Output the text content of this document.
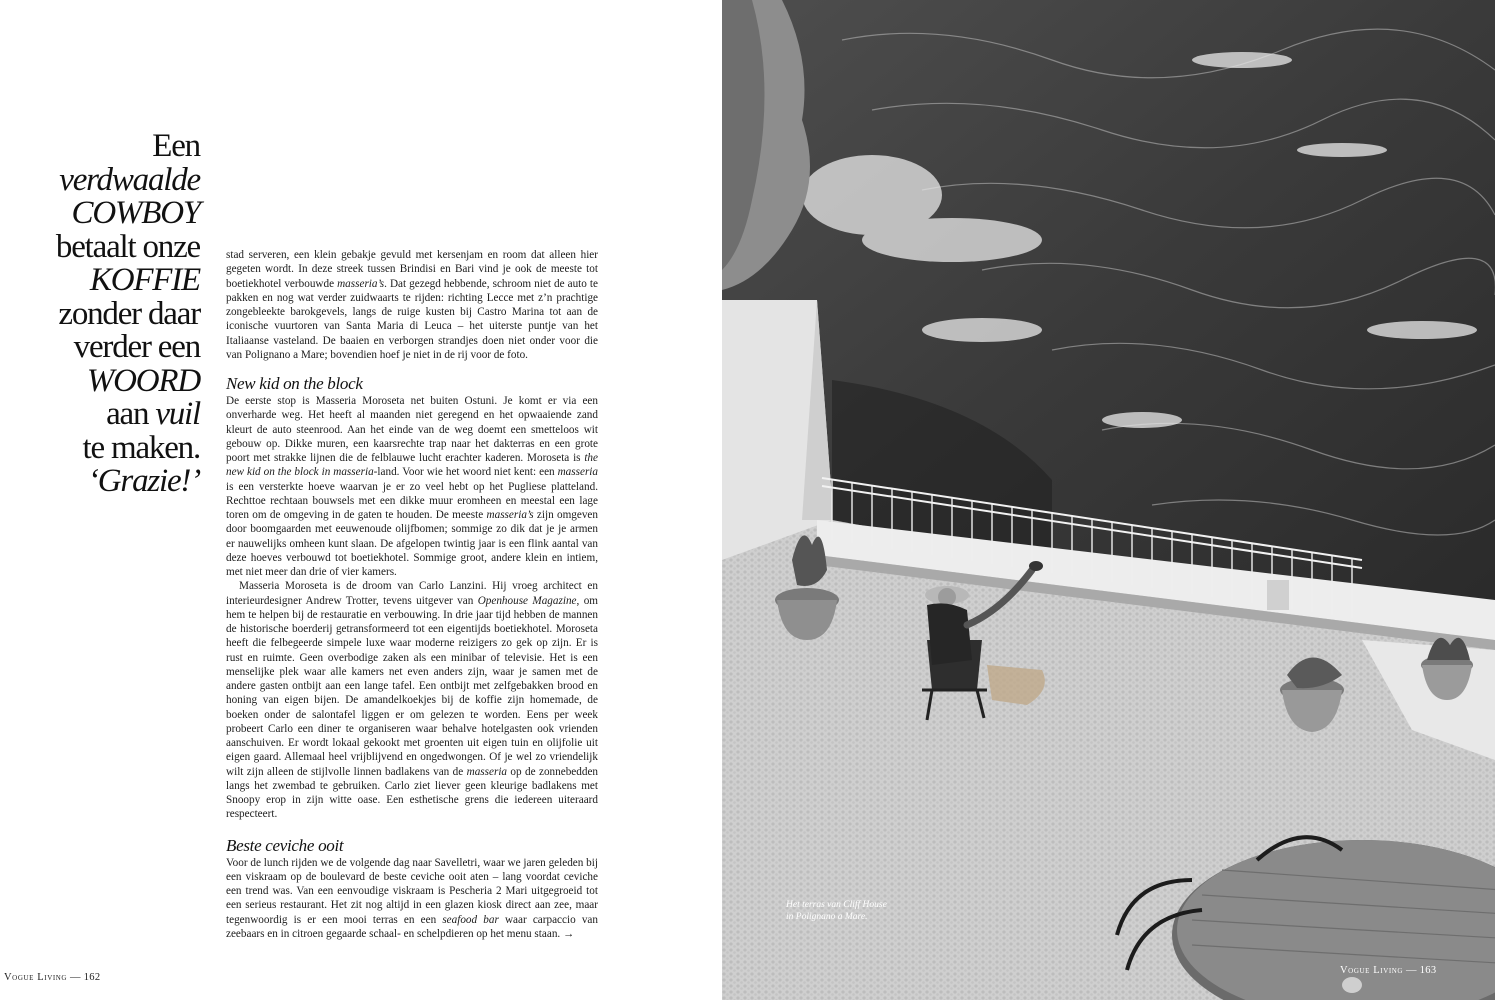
Een
verdwaalde
COWBOY
betaalt onze
KOFFIE
zonder daar
verder een
WOORD
aan vuil
te maken.
‘Grazie!’

stad serveren, een klein gebakje gevuld met kersenjam en room dat alleen hier gegeten wordt. In deze streek tussen Brindisi en Bari vind je ook de meeste tot boetiekhotel verbouwde masseria’s. Dat gezegd hebbende, schroom niet de auto te pakken en nog wat verder zuidwaarts te rijden: richting Lecce met z’n prachtige zongebleekte barokgevels, langs de ruige kusten bij Castro Marina tot aan de iconische vuurtoren van Santa Maria di Leuca – het uiterste puntje van het Italiaanse vasteland. De baaien en verborgen strandjes doen niet onder voor die van Polignano a Mare; bovendien hoef je niet in de rij voor de foto.

New kid on the block

De eerste stop is Masseria Moroseta net buiten Ostuni. Je komt er via een onverharde weg. Het heeft al maanden niet geregend en het opwaaiende zand kleurt de auto steenrood. Aan het einde van de weg doemt een smetteloos wit gebouw op. Dikke muren, een kaarsrechte trap naar het dakterras en een grote poort met strakke lijnen die de felblauwe lucht erachter kaderen. Moroseta is the new kid on the block in masseria-land. Voor wie het woord niet kent: een masseria is een versterkte hoeve waarvan je er zo veel hebt op het Pugliese platteland. Rechttoe rechtaan bouwsels met een dikke muur eromheen en meestal een lage toren om de omgeving in de gaten te houden. De meeste masseria’s zijn omgeven door boomgaarden met eeuwenoude olijfbomen; sommige zo dik dat je je armen er nauwelijks omheen kunt slaan. De afgelopen twintig jaar is een flink aantal van deze hoeves verbouwd tot boetiekhotel. Sommige groot, andere klein en intiem, met niet meer dan drie of vier kamers.

Masseria Moroseta is de droom van Carlo Lanzini. Hij vroeg architect en interieurdesigner Andrew Trotter, tevens uitgever van Openhouse Magazine, om hem te helpen bij de restauratie en verbouwing. In drie jaar tijd hebben de mannen de historische boerderij getransformeerd tot een eigentijds boetiekhotel. Moroseta heeft die felbegeerde simpele luxe waar moderne reizigers zo gek op zijn. Er is rust en ruimte. Geen overbodige zaken als een minibar of televisie. Het is een menselijke plek waar alle kamers net even anders zijn, waar je samen met de andere gasten ontbijt aan een lange tafel. Een ontbijt met zelfgebakken brood en honing van eigen bijen. De amandelkoekjes bij de koffie zijn homemade, de boeken onder de salontafel liggen er om gelezen te worden. Eens per week probeert Carlo een diner te organiseren waar behalve hotelgasten ook vrienden aanschuiven. Er wordt lokaal gekookt met groenten uit eigen tuin en olijfolie uit eigen gaard. Allemaal heel vrijblijvend en ongedwongen. Of je wel zo vriendelijk wilt zijn alleen de stijlvolle linnen badlakens van de masseria op de zonnebedden langs het zwembad te gebruiken. Carlo ziet liever geen kleurige badlakens met Snoopy erop in zijn witte oase. Een esthetische grens die iedereen uiteraard respecteert.

Beste ceviche ooit

Voor de lunch rijden we de volgende dag naar Savelletri, waar we jaren geleden bij een viskraam op de boulevard de beste ceviche ooit aten – lang voordat ceviche een trend was. Van een eenvoudige viskraam is Pescheria 2 Mari uitgegroeid tot een serieus restaurant. Het zit nog altijd in een glazen kiosk direct aan zee, maar tegenwoordig is er een mooi terras en een seafood bar waar carpaccio van zeebaars en in citroen gegaarde schaal- en schelpdieren op het menu staan. →

Vogue Living — 162
Het terras van Cliff House in Polignano a Mare.
Vogue Living — 163
